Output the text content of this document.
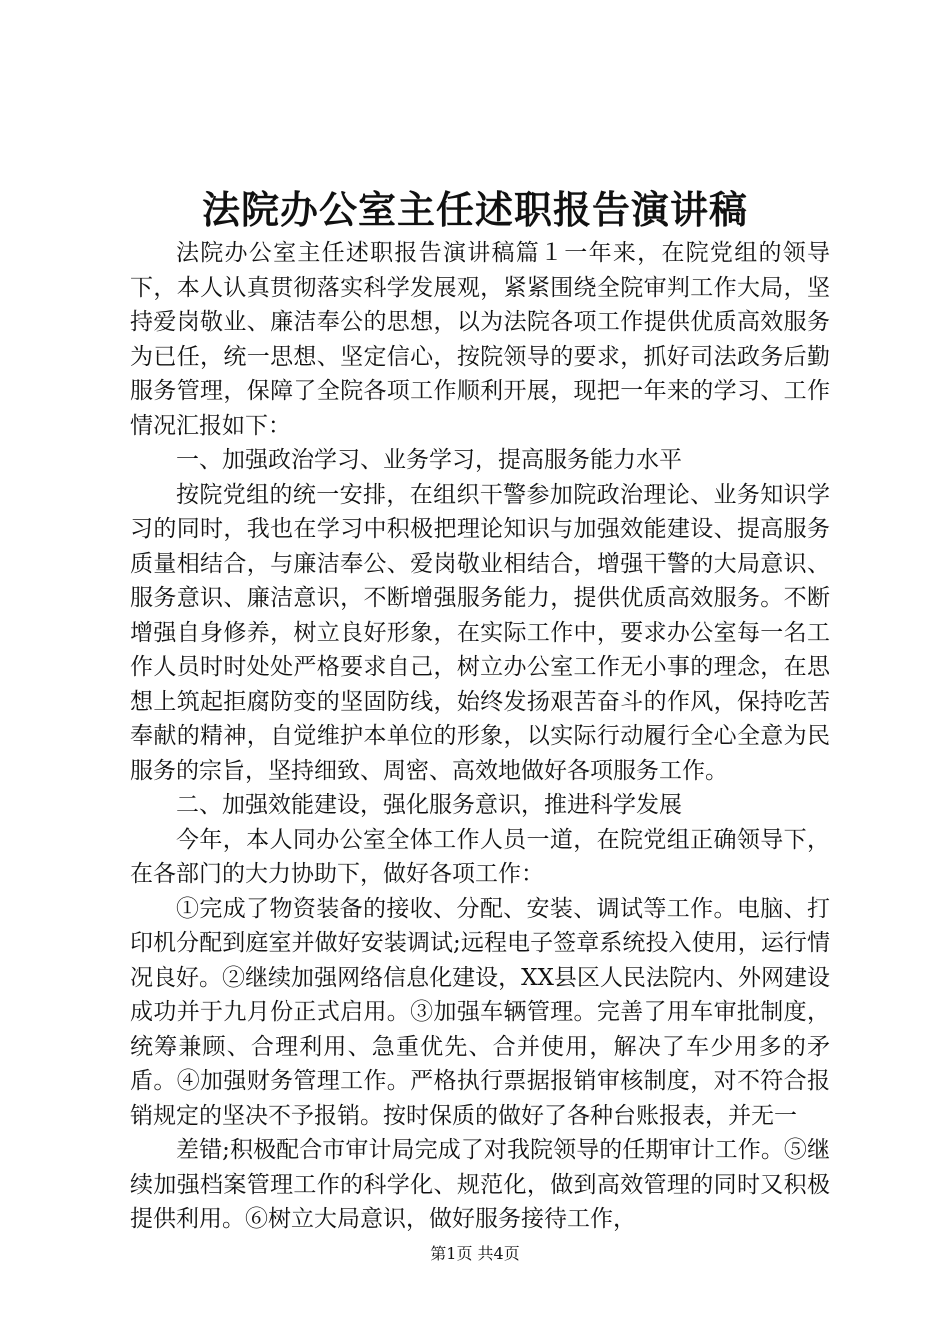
法院办公室主任述职报告演讲稿

法院办公室主任述职报告演讲稿篇１一年来，在院党组的领导下，本人认真贯彻落实科学发展观，紧紧围绕全院审判工作大局，坚持爱岗敬业、廉洁奉公的思想，以为法院各项工作提供优质高效服务为已任，统一思想、坚定信心，按院领导的要求，抓好司法政务后勤服务管理，保障了全院各项工作顺利开展，现把一年来的学习、工作情况汇报如下：

一、加强政治学习、业务学习，提高服务能力水平

按院党组的统一安排，在组织干警参加院政治理论、业务知识学习的同时，我也在学习中积极把理论知识与加强效能建设、提高服务质量相结合，与廉洁奉公、爱岗敬业相结合，增强干警的大局意识、服务意识、廉洁意识，不断增强服务能力，提供优质高效服务。不断增强自身修养，树立良好形象，在实际工作中，要求办公室每一名工作人员时时处处严格要求自己，树立办公室工作无小事的理念，在思想上筑起拒腐防变的坚固防线，始终发扬艰苦奋斗的作风，保持吃苦奉献的精神，自觉维护本单位的形象，以实际行动履行全心全意为民服务的宗旨，坚持细致、周密、高效地做好各项服务工作。

二、加强效能建设，强化服务意识，推进科学发展

今年，本人同办公室全体工作人员一道，在院党组正确领导下，在各部门的大力协助下，做好各项工作：

①完成了物资装备的接收、分配、安装、调试等工作。电脑、打印机分配到庭室并做好安装调试;远程电子签章系统投入使用，运行情况良好。②继续加强网络信息化建设，XX县区人民法院内、外网建设成功并于九月份正式启用。③加强车辆管理。完善了用车审批制度，统筹兼顾、合理利用、急重优先、合并使用，解决了车少用多的矛盾。④加强财务管理工作。严格执行票据报销审核制度，对不符合报销规定的坚决不予报销。按时保质的做好了各种台账报表，并无一

差错;积极配合市审计局完成了对我院领导的任期审计工作。⑤继续加强档案管理工作的科学化、规范化，做到高效管理的同时又积极提供利用。⑥树立大局意识，做好服务接待工作，

第1页 共4页
